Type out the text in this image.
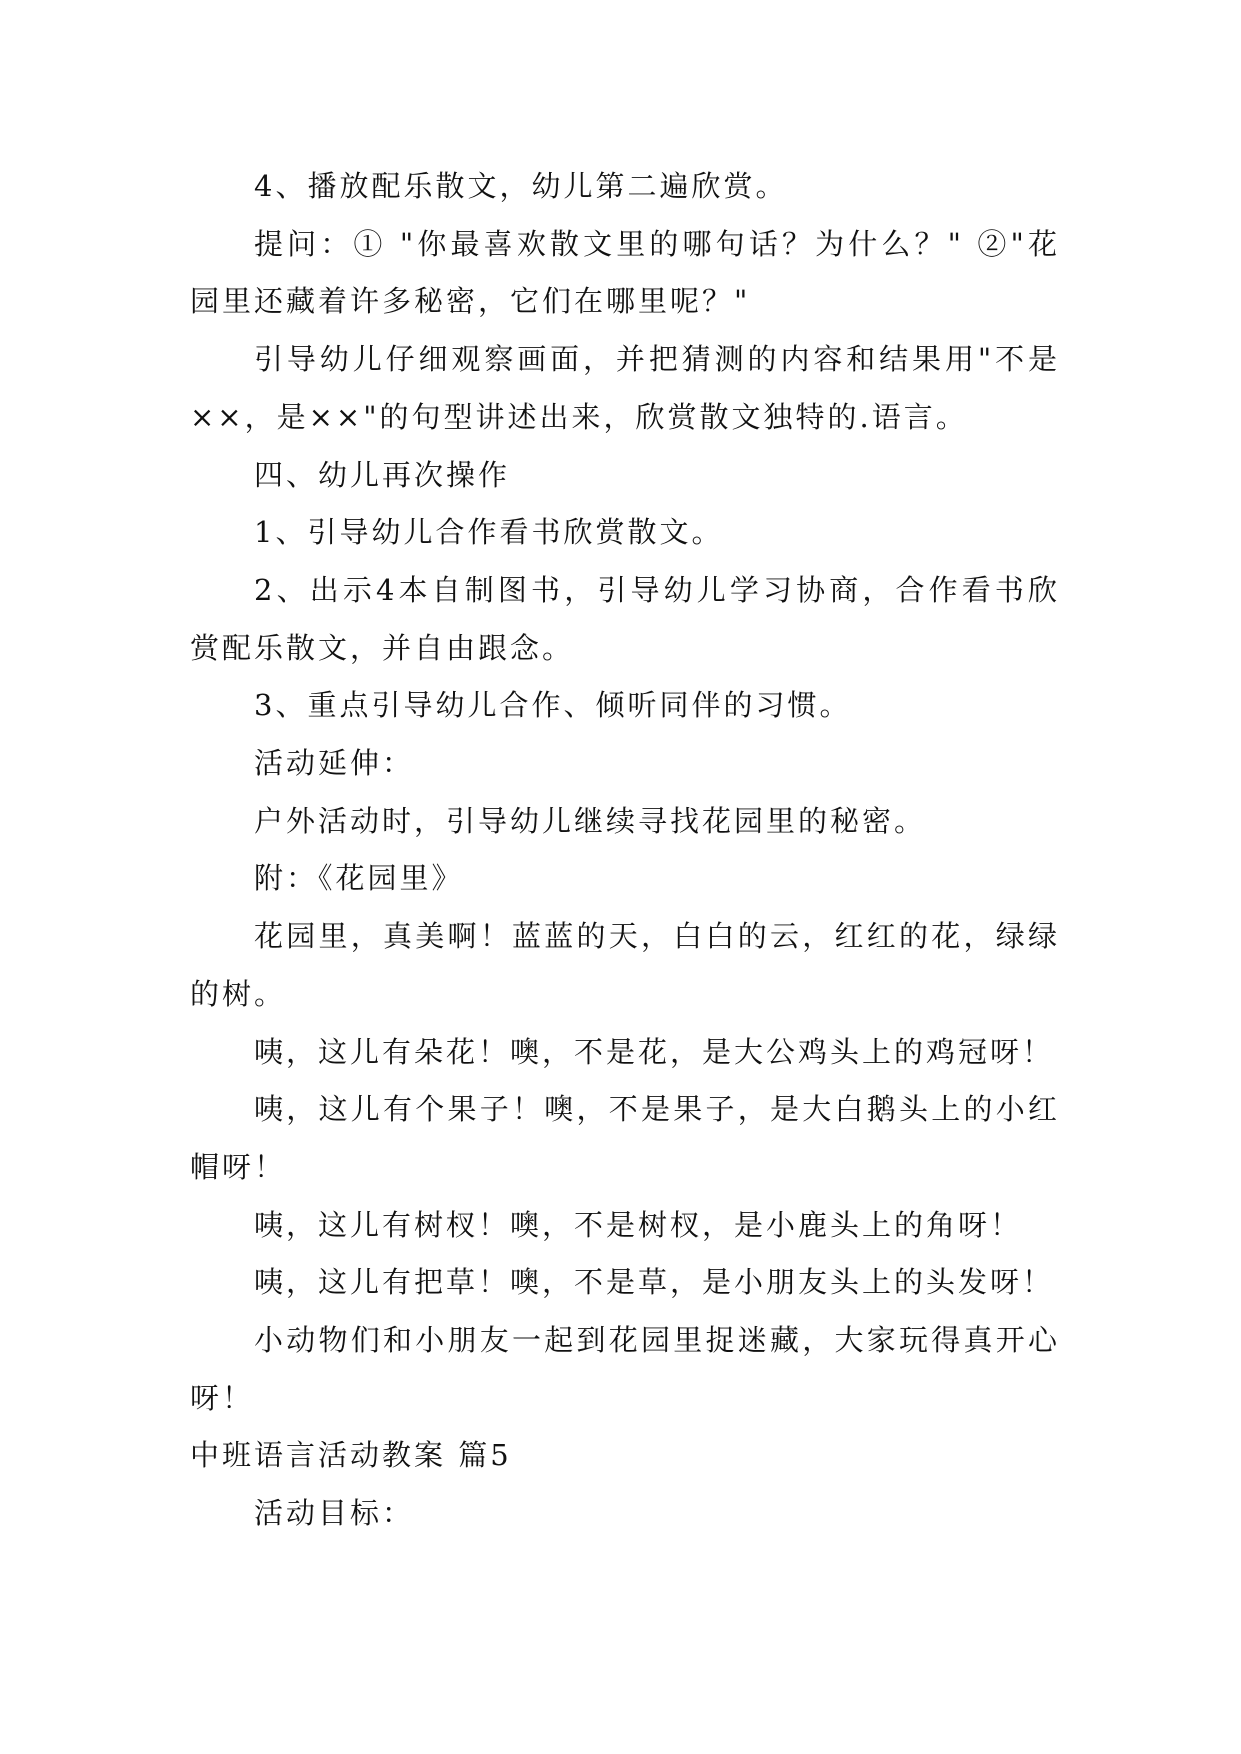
4、播放配乐散文，幼儿第二遍欣赏。

提问：① "你最喜欢散文里的哪句话？为什么？" ②"花园里还藏着许多秘密，它们在哪里呢？"

引导幼儿仔细观察画面，并把猜测的内容和结果用"不是××，是××"的句型讲述出来，欣赏散文独特的.语言。

四、幼儿再次操作

1、引导幼儿合作看书欣赏散文。

2、出示4本自制图书，引导幼儿学习协商，合作看书欣赏配乐散文，并自由跟念。

3、重点引导幼儿合作、倾听同伴的习惯。

活动延伸：

户外活动时，引导幼儿继续寻找花园里的秘密。

附：《花园里》

花园里，真美啊！蓝蓝的天，白白的云，红红的花，绿绿的树。

咦，这儿有朵花！噢，不是花，是大公鸡头上的鸡冠呀！

咦，这儿有个果子！噢，不是果子，是大白鹅头上的小红帽呀！

咦，这儿有树杈！噢，不是树杈，是小鹿头上的角呀！

咦，这儿有把草！噢，不是草，是小朋友头上的头发呀！

小动物们和小朋友一起到花园里捉迷藏，大家玩得真开心呀！

中班语言活动教案 篇5

活动目标：
